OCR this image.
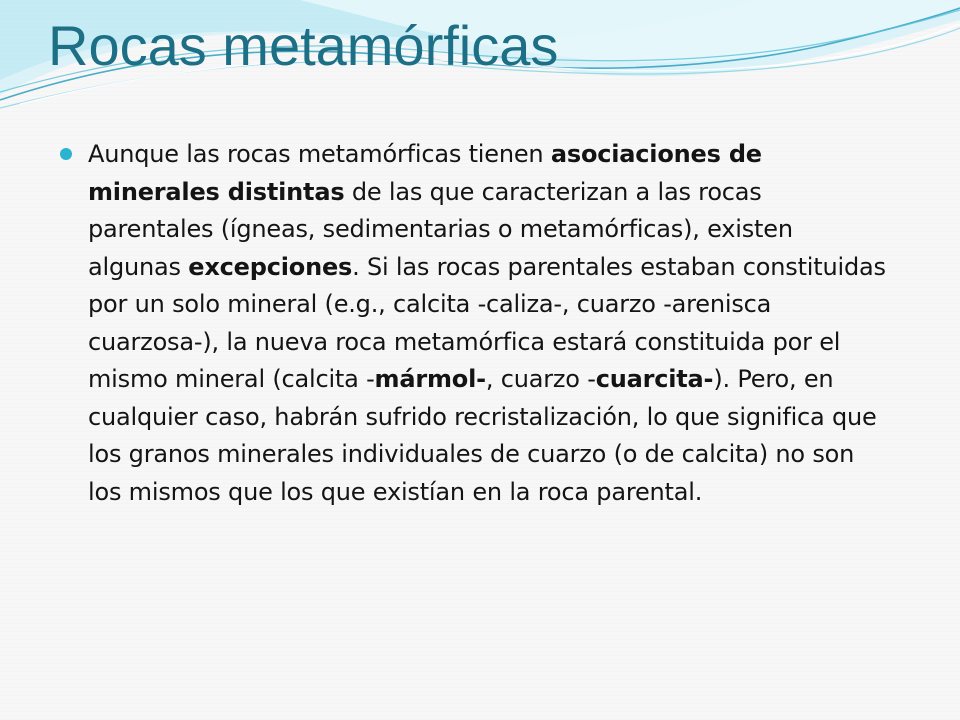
Rocas metamórficas

Aunque las rocas metamórficas tienen asociaciones de minerales distintas de las que caracterizan a las rocas parentales (ígneas, sedimentarias o metamórficas), existen algunas excepciones. Si las rocas parentales estaban constituidas por un solo mineral (e.g., calcita -caliza-, cuarzo -arenisca cuarzosa-), la nueva roca metamórfica estará constituida por el mismo mineral (calcita -mármol-, cuarzo -cuarcita-). Pero, en cualquier caso, habrán sufrido recristalización, lo que significa que los granos minerales individuales de cuarzo (o de calcita) no son los mismos que los que existían en la roca parental.
